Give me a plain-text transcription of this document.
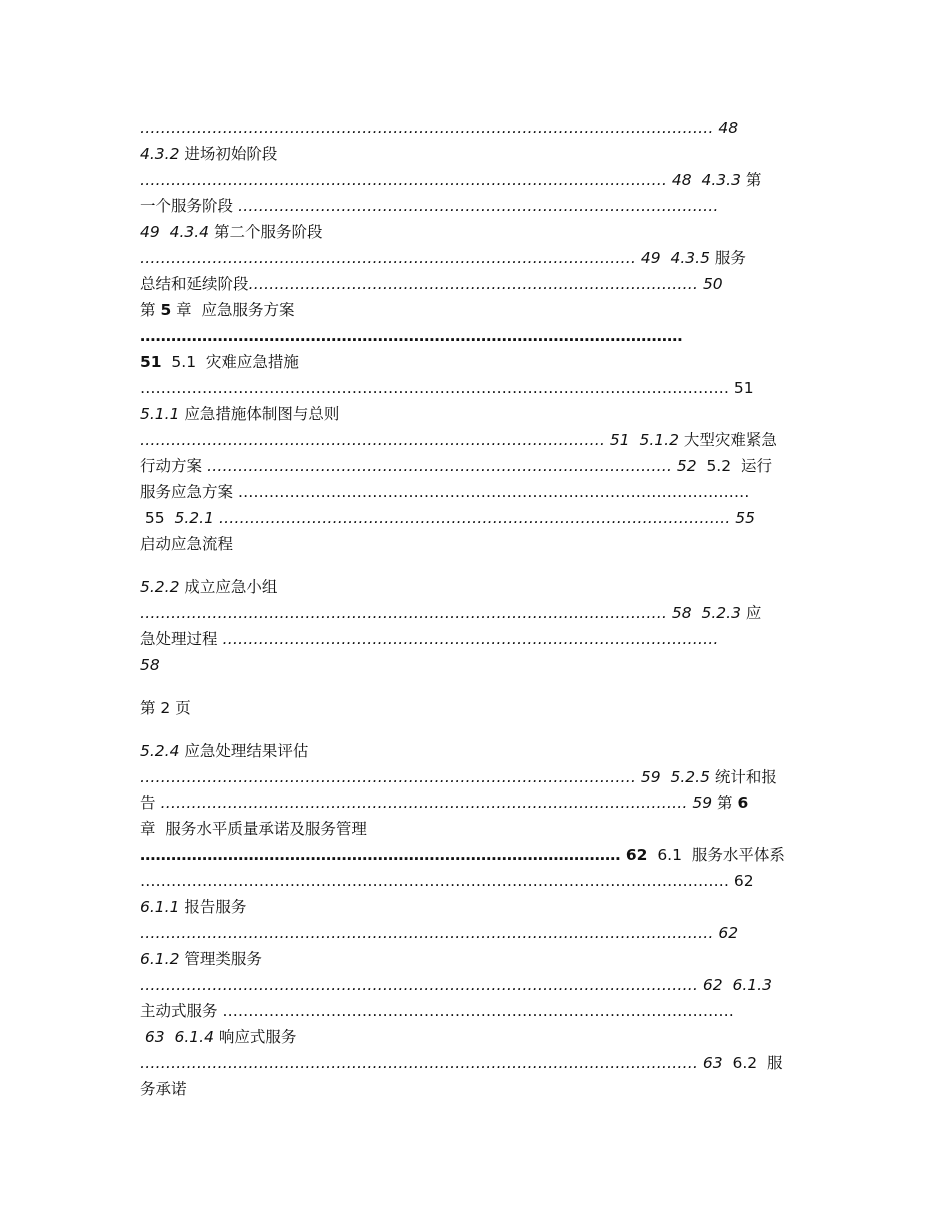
………………………………………………………………………………………………… 48
4.3.2 进场初始阶段
………………………………………………………………………………………… 48  4.3.3 第
一个服务阶段 …………………………………………………………………………………
49  4.3.4 第二个服务阶段
…………………………………………………………………………………… 49  4.3.5 服务
总结和延续阶段…………………………………………………………………………… 50
第 5 章  应急服务方案
……………………………………………………………………………………………
51  5.1  灾难应急措施
…………………………………………………………………………………………………… 51
5.1.1 应急措施体制图与总则
……………………………………………………………………………… 51  5.1.2 大型灾难紧急
行动方案 ……………………………………………………………………………… 52  5.2  运行
服务应急方案 ………………………………………………………………………………………
55  5.2.1 ……………………………………………………………………………………… 55
启动应急流程
5.2.2 成立应急小组
………………………………………………………………………………………… 58  5.2.3 应
急处理过程 ……………………………………………………………………………………
58
第 2 页
5.2.4 应急处理结果评估
…………………………………………………………………………………… 59  5.2.5 统计和报
告 ………………………………………………………………………………………… 59 第 6
章  服务水平质量承诺及服务管理
………………………………………………………………………………… 62  6.1  服务水平体系
…………………………………………………………………………………………………… 62
6.1.1 报告服务
………………………………………………………………………………………………… 62
6.1.2 管理类服务
……………………………………………………………………………………………… 62  6.1.3
主动式服务 ………………………………………………………………………………………
63  6.1.4 响应式服务
……………………………………………………………………………………………… 63  6.2  服
务承诺
